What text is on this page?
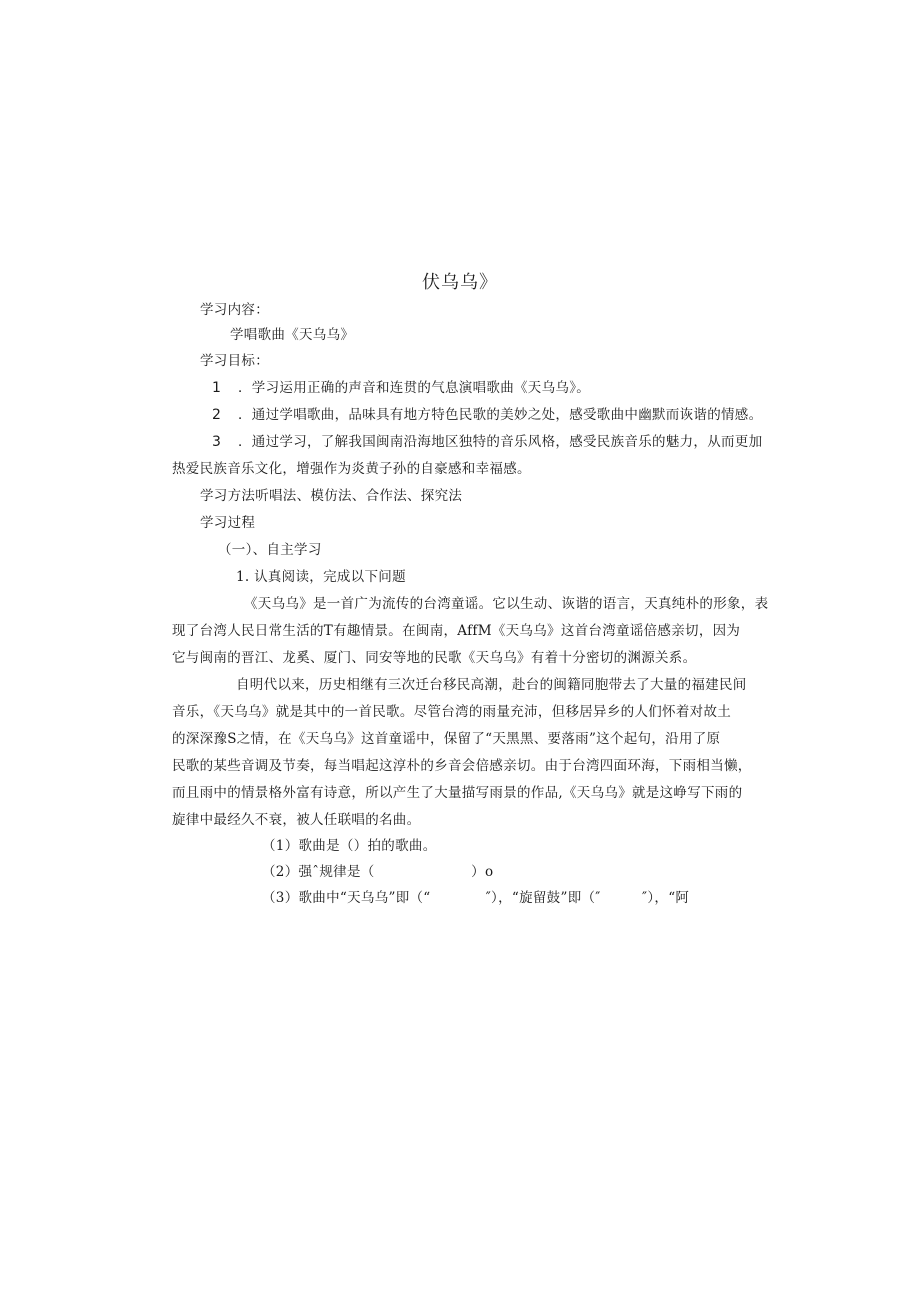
伏乌乌》
学习内容：
学唱歌曲《天乌乌》
学习目标：
1 ．学习运用正确的声音和连贯的气息演唱歌曲《天乌乌》。
2 ．通过学唱歌曲，品味具有地方特色民歌的美妙之处，感受歌曲中幽默而诙谐的情感。
3 ．通过学习，了解我国闽南沿海地区独特的音乐风格，感受民族音乐的魅力，从而更加
热爱民族音乐文化，增强作为炎黄子孙的自豪感和幸福感。
学习方法听唱法、模仿法、合作法、探究法
学习过程
（一）、自主学习
1. 认真阅读，完成以下问题
《天乌乌》是一首广为流传的台湾童谣。它以生动、诙谐的语言，天真纯朴的形象，表
现了台湾人民日常生活的T有趣情景。在闽南，AffM《天乌乌》这首台湾童谣倍感亲切，因为
它与闽南的晋江、龙奚、厦门、同安等地的民歌《天乌乌》有着十分密切的渊源关系。
自明代以来，历史相继有三次迁台移民高潮，赴台的闽籍同胞带去了大量的福建民间
音乐，《天乌乌》就是其中的一首民歌。尽管台湾的雨量充沛，但移居异乡的人们怀着对故土
的深深豫S之情，在《天乌乌》这首童谣中，保留了“天黑黑、要落雨”这个起句，沿用了原
民歌的某些音调及节奏，每当唱起这淳朴的乡音会倍感亲切。由于台湾四面环海，下雨相当懒，
而且雨中的情景格外富有诗意，所以产生了大量描写雨景的作品,《天乌乌》就是这峥写下雨的
旋律中最经久不衰，被人任联唱的名曲。
（1）歌曲是（）拍的歌曲。
（2）强ˆ规律是（　　　　　　　）o
（3）歌曲中“天乌乌”即（“　　　　″），“旋留鼓”即（″　　　″），“阿
